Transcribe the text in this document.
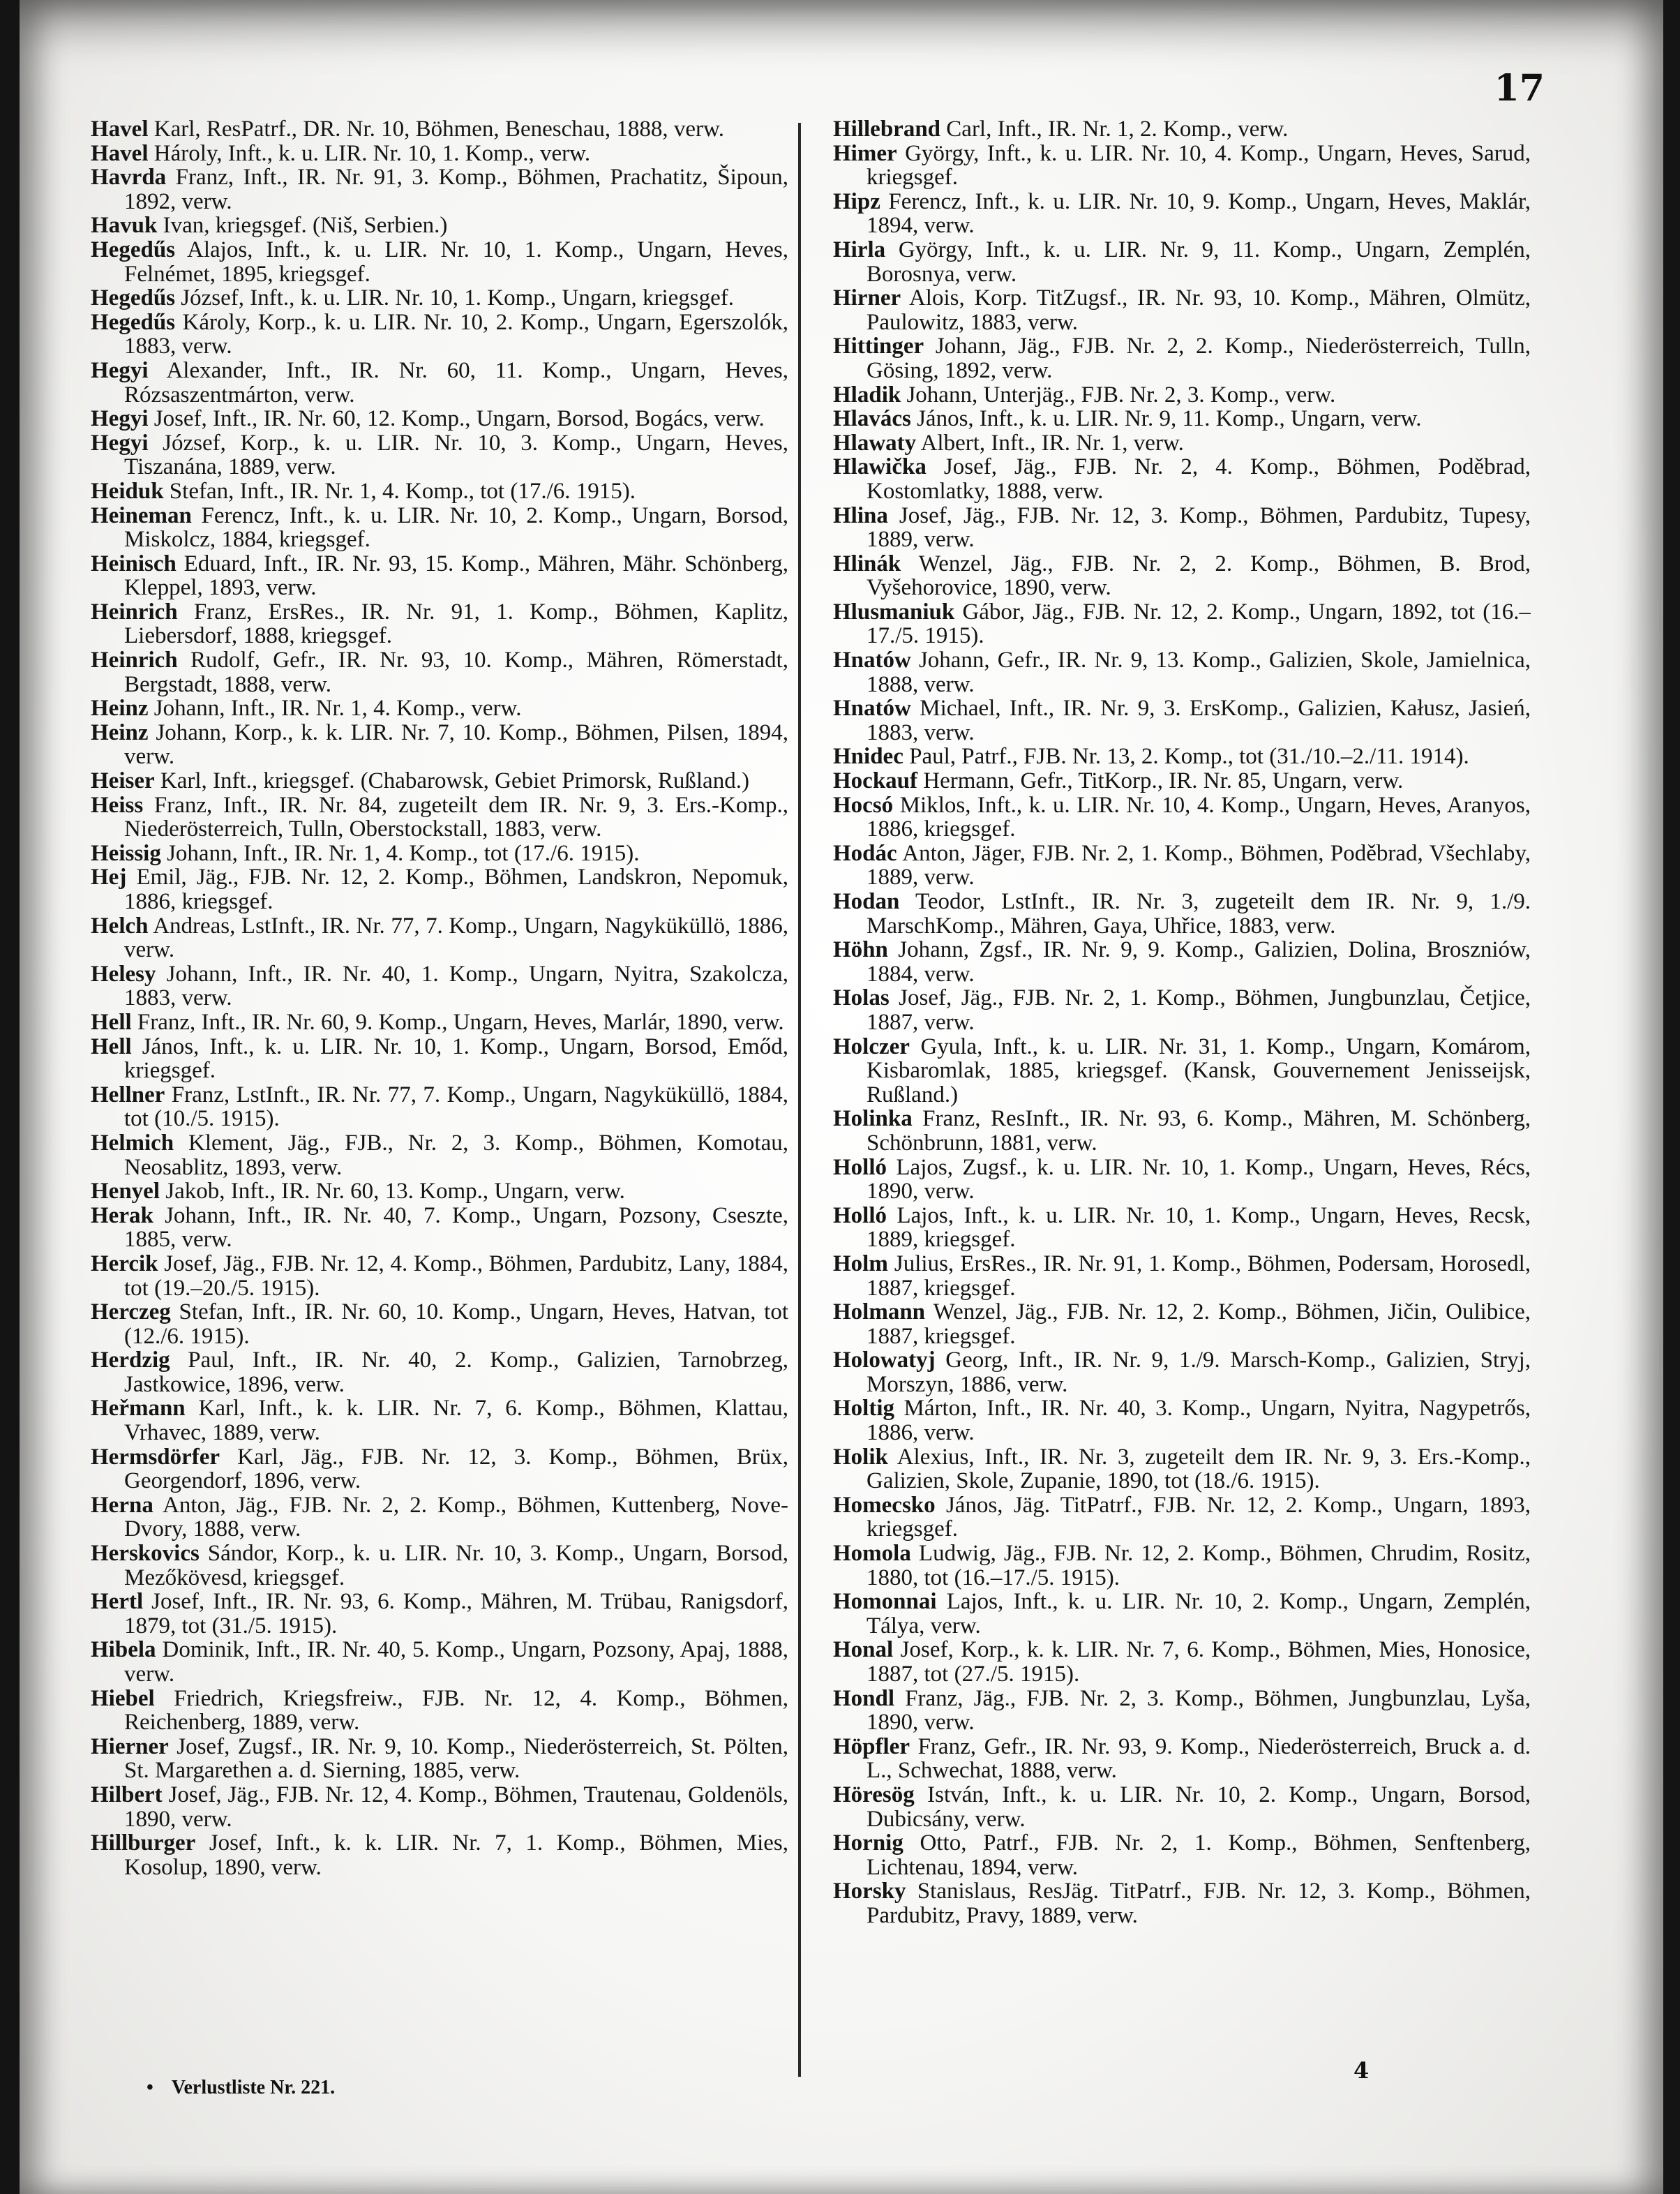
17
Havel Karl, ResPatrf., DR. Nr. 10, Böhmen, Beneschau, 1888, verw.
Havel Hároly, Inft., k. u. LIR. Nr. 10, 1. Komp., verw.
Havrda Franz, Inft., IR. Nr. 91, 3. Komp., Böhmen, Prachatitz, Šipoun, 1892, verw.
Havuk Ivan, kriegsgef. (Niš, Serbien.)
Hegedűs Alajos, Inft., k. u. LIR. Nr. 10, 1. Komp., Ungarn, Heves, Felnémet, 1895, kriegsgef.
Hegedűs József, Inft., k. u. LIR. Nr. 10, 1. Komp., Ungarn, kriegsgef.
Hegedűs Károly, Korp., k. u. LIR. Nr. 10, 2. Komp., Ungarn, Egerszolók, 1883, verw.
Hegyi Alexander, Inft., IR. Nr. 60, 11. Komp., Ungarn, Heves, Rózsaszentmárton, verw.
Hegyi Josef, Inft., IR. Nr. 60, 12. Komp., Ungarn, Borsod, Bogács, verw.
Hegyi József, Korp., k. u. LIR. Nr. 10, 3. Komp., Ungarn, Heves, Tiszanána, 1889, verw.
Heiduk Stefan, Inft., IR. Nr. 1, 4. Komp., tot (17./6. 1915).
Heineman Ferencz, Inft., k. u. LIR. Nr. 10, 2. Komp., Ungarn, Borsod, Miskolcz, 1884, kriegsgef.
Heinisch Eduard, Inft., IR. Nr. 93, 15. Komp., Mähren, Mähr. Schönberg, Kleppel, 1893, verw.
Heinrich Franz, ErsRes., IR. Nr. 91, 1. Komp., Böhmen, Kaplitz, Liebersdorf, 1888, kriegsgef.
Heinrich Rudolf, Gefr., IR. Nr. 93, 10. Komp., Mähren, Römerstadt, Bergstadt, 1888, verw.
Heinz Johann, Inft., IR. Nr. 1, 4. Komp., verw.
Heinz Johann, Korp., k. k. LIR. Nr. 7, 10. Komp., Böhmen, Pilsen, 1894, verw.
Heiser Karl, Inft., kriegsgef. (Chabarowsk, Gebiet Primorsk, Rußland.)
Heiss Franz, Inft., IR. Nr. 84, zugeteilt dem IR. Nr. 9, 3. Ers.-Komp., Niederösterreich, Tulln, Oberstockstall, 1883, verw.
Heissig Johann, Inft., IR. Nr. 1, 4. Komp., tot (17./6. 1915).
Hej Emil, Jäg., FJB. Nr. 12, 2. Komp., Böhmen, Landskron, Nepomuk, 1886, kriegsgef.
Helch Andreas, LstInft., IR. Nr. 77, 7. Komp., Ungarn, Nagyküküllö, 1886, verw.
Helesy Johann, Inft., IR. Nr. 40, 1. Komp., Ungarn, Nyitra, Szakolcza, 1883, verw.
Hell Franz, Inft., IR. Nr. 60, 9. Komp., Ungarn, Heves, Marlár, 1890, verw.
Hell János, Inft., k. u. LIR. Nr. 10, 1. Komp., Ungarn, Borsod, Emőd, kriegsgef.
Hellner Franz, LstInft., IR. Nr. 77, 7. Komp., Ungarn, Nagyküküllö, 1884, tot (10./5. 1915).
Helmich Klement, Jäg., FJB., Nr. 2, 3. Komp., Böhmen, Komotau, Neosablitz, 1893, verw.
Henyel Jakob, Inft., IR. Nr. 60, 13. Komp., Ungarn, verw.
Herak Johann, Inft., IR. Nr. 40, 7. Komp., Ungarn, Pozsony, Cseszte, 1885, verw.
Hercik Josef, Jäg., FJB. Nr. 12, 4. Komp., Böhmen, Pardubitz, Lany, 1884, tot (19.–20./5. 1915).
Herczeg Stefan, Inft., IR. Nr. 60, 10. Komp., Ungarn, Heves, Hatvan, tot (12./6. 1915).
Herdzig Paul, Inft., IR. Nr. 40, 2. Komp., Galizien, Tarnobrzeg, Jastkowice, 1896, verw.
Heřmann Karl, Inft., k. k. LIR. Nr. 7, 6. Komp., Böhmen, Klattau, Vrhavec, 1889, verw.
Hermsdörfer Karl, Jäg., FJB. Nr. 12, 3. Komp., Böhmen, Brüx, Georgendorf, 1896, verw.
Herna Anton, Jäg., FJB. Nr. 2, 2. Komp., Böhmen, Kuttenberg, Nove-Dvory, 1888, verw.
Herskovics Sándor, Korp., k. u. LIR. Nr. 10, 3. Komp., Ungarn, Borsod, Mezőkövesd, kriegsgef.
Hertl Josef, Inft., IR. Nr. 93, 6. Komp., Mähren, M. Trübau, Ranigsdorf, 1879, tot (31./5. 1915).
Hibela Dominik, Inft., IR. Nr. 40, 5. Komp., Ungarn, Pozsony, Apaj, 1888, verw.
Hiebel Friedrich, Kriegsfreiw., FJB. Nr. 12, 4. Komp., Böhmen, Reichenberg, 1889, verw.
Hierner Josef, Zugsf., IR. Nr. 9, 10. Komp., Niederösterreich, St. Pölten, St. Margarethen a. d. Sierning, 1885, verw.
Hilbert Josef, Jäg., FJB. Nr. 12, 4. Komp., Böhmen, Trautenau, Goldenöls, 1890, verw.
Hillburger Josef, Inft., k. k. LIR. Nr. 7, 1. Komp., Böhmen, Mies, Kosolup, 1890, verw.
Hillebrand Carl, Inft., IR. Nr. 1, 2. Komp., verw.
Himer György, Inft., k. u. LIR. Nr. 10, 4. Komp., Ungarn, Heves, Sarud, kriegsgef.
Hipz Ferencz, Inft., k. u. LIR. Nr. 10, 9. Komp., Ungarn, Heves, Maklár, 1894, verw.
Hirla György, Inft., k. u. LIR. Nr. 9, 11. Komp., Ungarn, Zemplén, Borosnya, verw.
Hirner Alois, Korp. TitZugsf., IR. Nr. 93, 10. Komp., Mähren, Olmütz, Paulowitz, 1883, verw.
Hittinger Johann, Jäg., FJB. Nr. 2, 2. Komp., Niederösterreich, Tulln, Gösing, 1892, verw.
Hladik Johann, Unterjäg., FJB. Nr. 2, 3. Komp., verw.
Hlavács János, Inft., k. u. LIR. Nr. 9, 11. Komp., Ungarn, verw.
Hlawaty Albert, Inft., IR. Nr. 1, verw.
Hlawička Josef, Jäg., FJB. Nr. 2, 4. Komp., Böhmen, Poděbrad, Kostomlatky, 1888, verw.
Hlina Josef, Jäg., FJB. Nr. 12, 3. Komp., Böhmen, Pardubitz, Tupesy, 1889, verw.
Hlinák Wenzel, Jäg., FJB. Nr. 2, 2. Komp., Böhmen, B. Brod, Vyšehorovice, 1890, verw.
Hlusmaniuk Gábor, Jäg., FJB. Nr. 12, 2. Komp., Ungarn, 1892, tot (16.–17./5. 1915).
Hnatów Johann, Gefr., IR. Nr. 9, 13. Komp., Galizien, Skole, Jamielnica, 1888, verw.
Hnatów Michael, Inft., IR. Nr. 9, 3. ErsKomp., Galizien, Kałusz, Jasień, 1883, verw.
Hnidec Paul, Patrf., FJB. Nr. 13, 2. Komp., tot (31./10.–2./11. 1914).
Hockauf Hermann, Gefr., TitKorp., IR. Nr. 85, Ungarn, verw.
Hocsó Miklos, Inft., k. u. LIR. Nr. 10, 4. Komp., Ungarn, Heves, Aranyos, 1886, kriegsgef.
Hodác Anton, Jäger, FJB. Nr. 2, 1. Komp., Böhmen, Poděbrad, Všechlaby, 1889, verw.
Hodan Teodor, LstInft., IR. Nr. 3, zugeteilt dem IR. Nr. 9, 1./9. MarschKomp., Mähren, Gaya, Uhřice, 1883, verw.
Höhn Johann, Zgsf., IR. Nr. 9, 9. Komp., Galizien, Dolina, Broszniów, 1884, verw.
Holas Josef, Jäg., FJB. Nr. 2, 1. Komp., Böhmen, Jungbunzlau, Četjice, 1887, verw.
Holczer Gyula, Inft., k. u. LIR. Nr. 31, 1. Komp., Ungarn, Komárom, Kisbaromlak, 1885, kriegsgef. (Kansk, Gouvernement Jenisseijsk, Rußland.)
Holinka Franz, ResInft., IR. Nr. 93, 6. Komp., Mähren, M. Schönberg, Schönbrunn, 1881, verw.
Holló Lajos, Zugsf., k. u. LIR. Nr. 10, 1. Komp., Ungarn, Heves, Récs, 1890, verw.
Holló Lajos, Inft., k. u. LIR. Nr. 10, 1. Komp., Ungarn, Heves, Recsk, 1889, kriegsgef.
Holm Julius, ErsRes., IR. Nr. 91, 1. Komp., Böhmen, Podersam, Horosedl, 1887, kriegsgef.
Holmann Wenzel, Jäg., FJB. Nr. 12, 2. Komp., Böhmen, Jičin, Oulibice, 1887, kriegsgef.
Holowatyj Georg, Inft., IR. Nr. 9, 1./9. Marsch-Komp., Galizien, Stryj, Morszyn, 1886, verw.
Holtig Márton, Inft., IR. Nr. 40, 3. Komp., Ungarn, Nyitra, Nagypetrős, 1886, verw.
Holik Alexius, Inft., IR. Nr. 3, zugeteilt dem IR. Nr. 9, 3. Ers.-Komp., Galizien, Skole, Zupanie, 1890, tot (18./6. 1915).
Homecsko János, Jäg. TitPatrf., FJB. Nr. 12, 2. Komp., Ungarn, 1893, kriegsgef.
Homola Ludwig, Jäg., FJB. Nr. 12, 2. Komp., Böhmen, Chrudim, Rositz, 1880, tot (16.–17./5. 1915).
Homonnai Lajos, Inft., k. u. LIR. Nr. 10, 2. Komp., Ungarn, Zemplén, Tálya, verw.
Honal Josef, Korp., k. k. LIR. Nr. 7, 6. Komp., Böhmen, Mies, Honosice, 1887, tot (27./5. 1915).
Hondl Franz, Jäg., FJB. Nr. 2, 3. Komp., Böhmen, Jungbunzlau, Lyša, 1890, verw.
Höpfler Franz, Gefr., IR. Nr. 93, 9. Komp., Niederösterreich, Bruck a. d. L., Schwechat, 1888, verw.
Höresög István, Inft., k. u. LIR. Nr. 10, 2. Komp., Ungarn, Borsod, Dubicsány, verw.
Hornig Otto, Patrf., FJB. Nr. 2, 1. Komp., Böhmen, Senftenberg, Lichtenau, 1894, verw.
Horsky Stanislaus, ResJäg. TitPatrf., FJB. Nr. 12, 3. Komp., Böhmen, Pardubitz, Pravy, 1889, verw.
• Verlustliste Nr. 221.
4
